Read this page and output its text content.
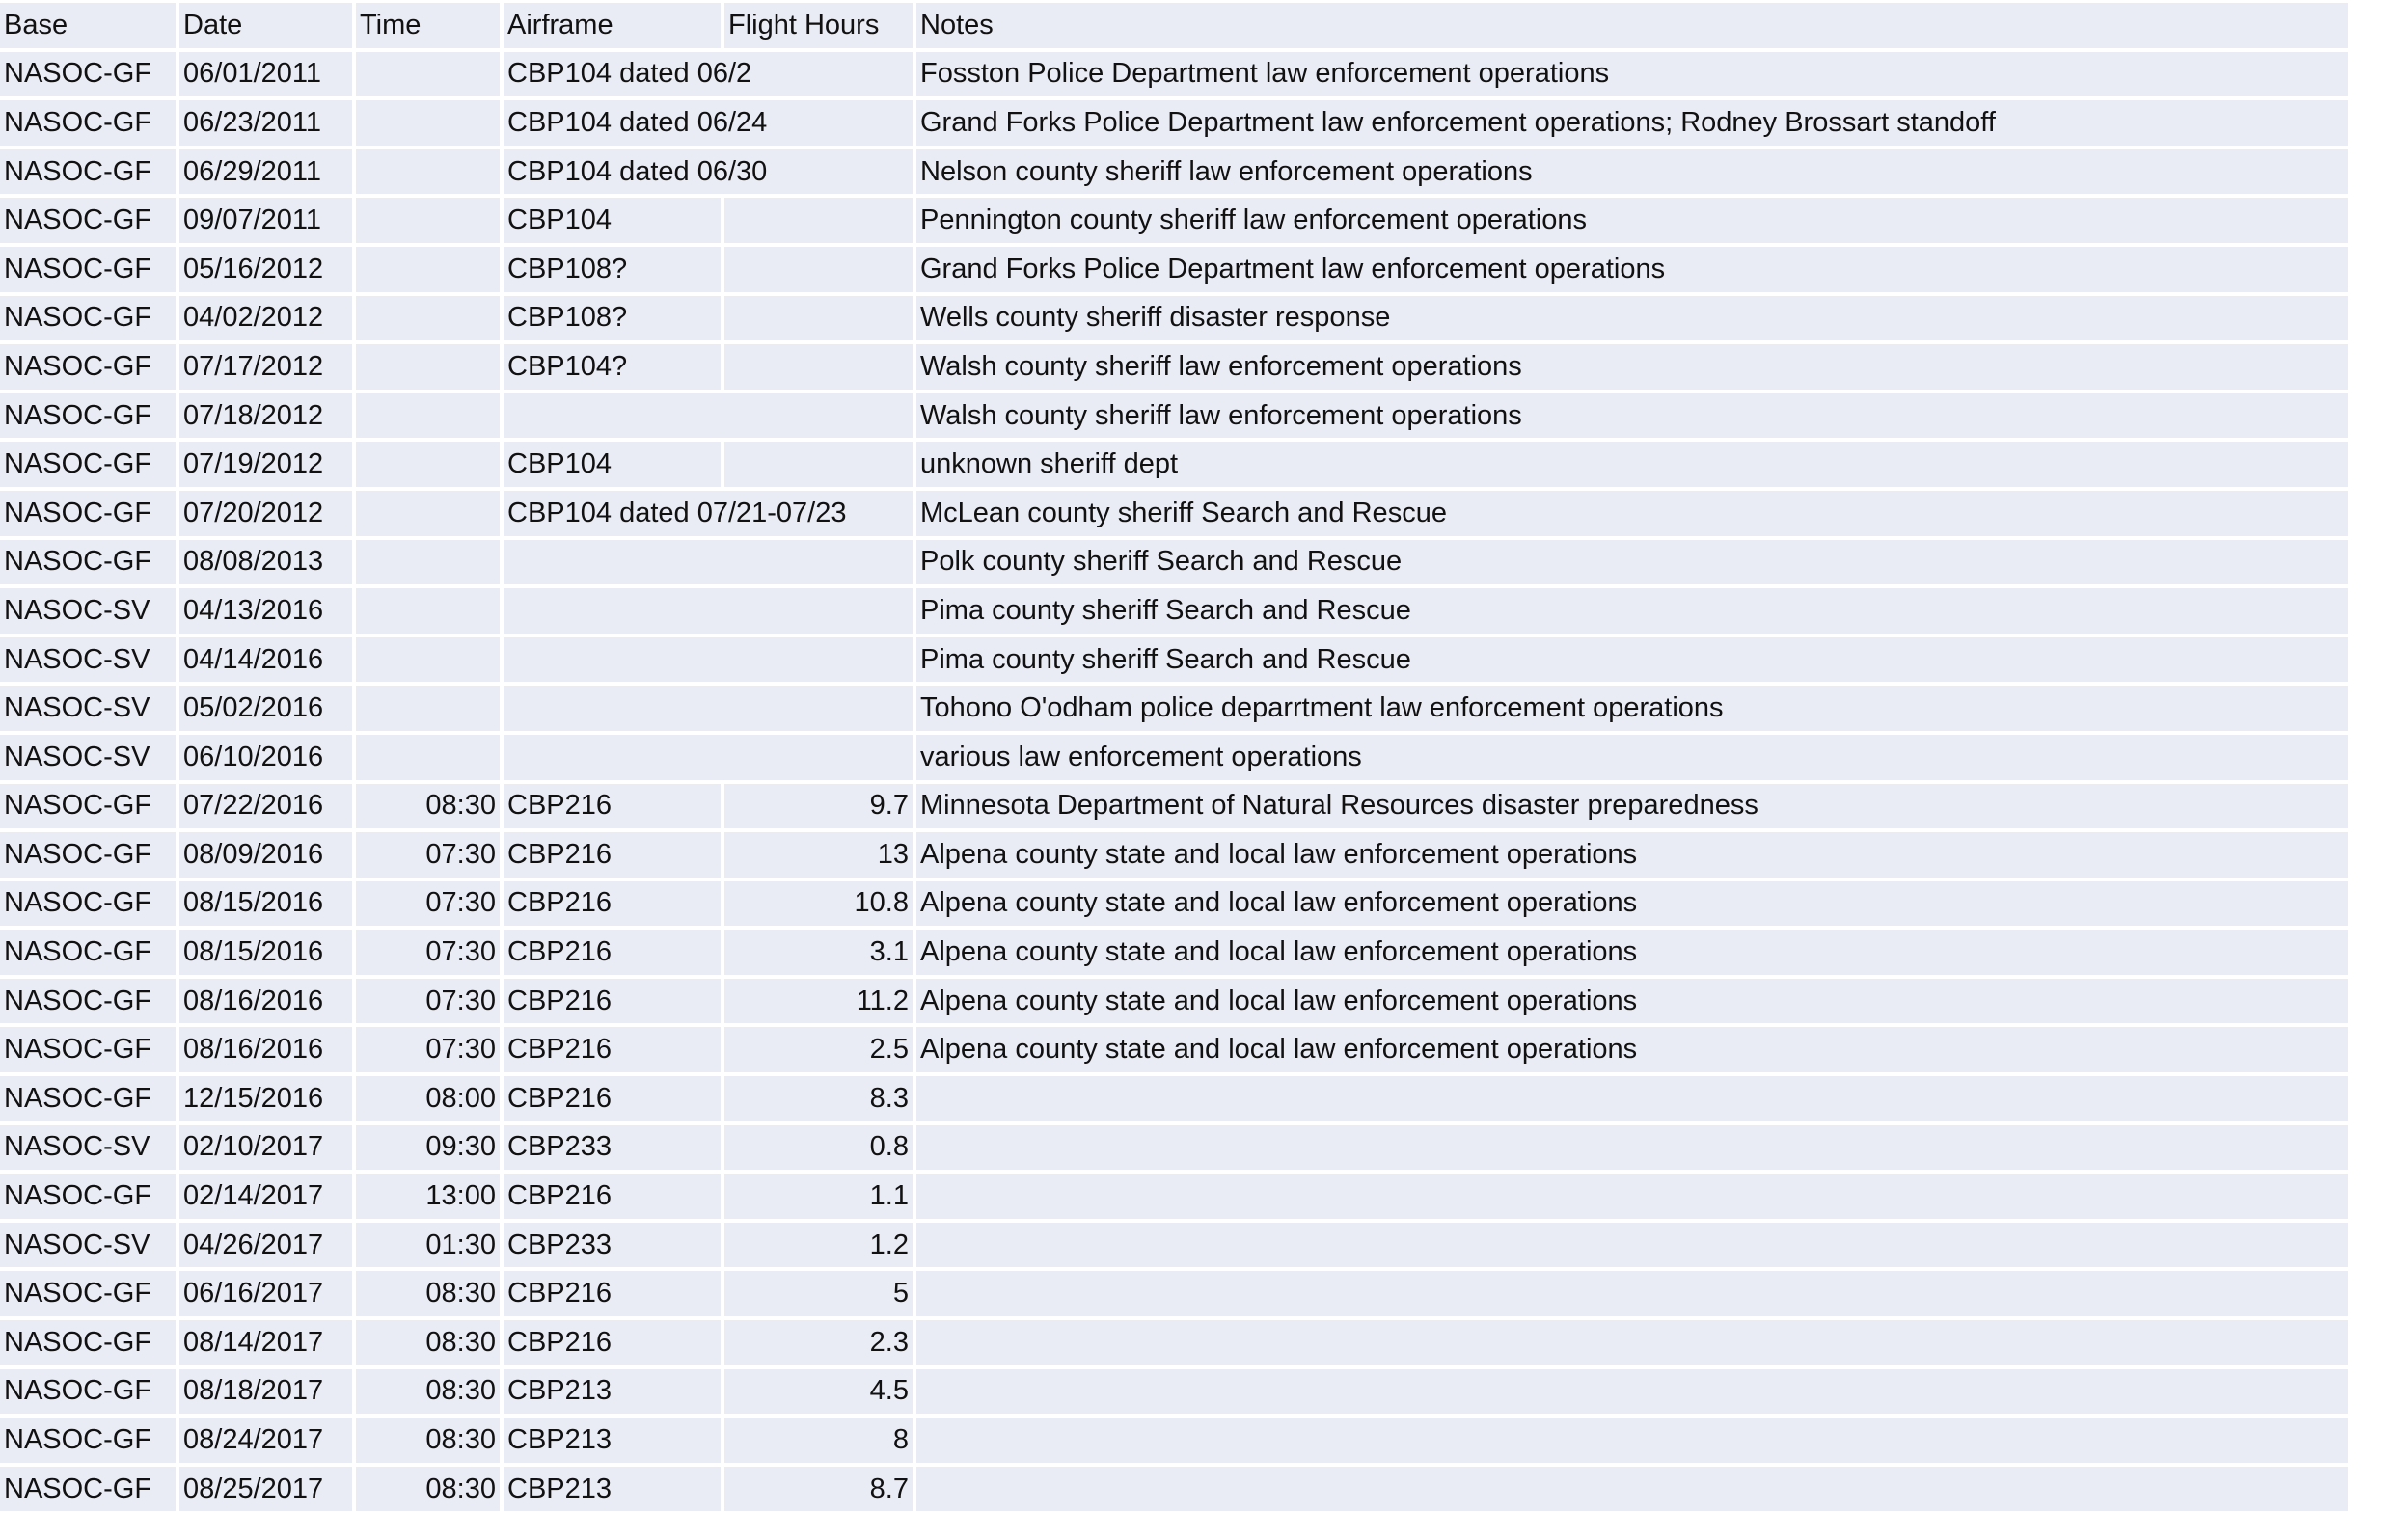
Base	Date	Time	Airframe	Flight Hours	Notes
NASOC-GF	06/01/2011		CBP104 dated 06/2		Fosston Police Department law enforcement operations
NASOC-GF	06/23/2011		CBP104 dated 06/24		Grand Forks Police Department law enforcement operations; Rodney Brossart standoff
NASOC-GF	06/29/2011		CBP104 dated 06/30		Nelson county sheriff law enforcement operations
NASOC-GF	09/07/2011		CBP104		Pennington county sheriff law enforcement operations
NASOC-GF	05/16/2012		CBP108?		Grand Forks Police Department law enforcement operations
NASOC-GF	04/02/2012		CBP108?		Wells county sheriff disaster response
NASOC-GF	07/17/2012		CBP104?		Walsh county sheriff law enforcement operations
NASOC-GF	07/18/2012				Walsh county sheriff law enforcement operations
NASOC-GF	07/19/2012		CBP104		unknown sheriff dept
NASOC-GF	07/20/2012		CBP104 dated 07/21-07/23		McLean county sheriff Search and Rescue
NASOC-GF	08/08/2013				Polk county sheriff Search and Rescue
NASOC-SV	04/13/2016				Pima county sheriff Search and Rescue
NASOC-SV	04/14/2016				Pima county sheriff Search and Rescue
NASOC-SV	05/02/2016				Tohono O'odham police deparrtment law enforcement operations
NASOC-SV	06/10/2016				various law enforcement operations
NASOC-GF	07/22/2016	08:30	CBP216	9.7	Minnesota Department of Natural Resources disaster preparedness
NASOC-GF	08/09/2016	07:30	CBP216	13	Alpena county state and local law enforcement operations
NASOC-GF	08/15/2016	07:30	CBP216	10.8	Alpena county state and local law enforcement operations
NASOC-GF	08/15/2016	07:30	CBP216	3.1	Alpena county state and local law enforcement operations
NASOC-GF	08/16/2016	07:30	CBP216	11.2	Alpena county state and local law enforcement operations
NASOC-GF	08/16/2016	07:30	CBP216	2.5	Alpena county state and local law enforcement operations
NASOC-GF	12/15/2016	08:00	CBP216	8.3	
NASOC-SV	02/10/2017	09:30	CBP233	0.8	
NASOC-GF	02/14/2017	13:00	CBP216	1.1	
NASOC-SV	04/26/2017	01:30	CBP233	1.2	
NASOC-GF	06/16/2017	08:30	CBP216	5	
NASOC-GF	08/14/2017	08:30	CBP216	2.3	
NASOC-GF	08/18/2017	08:30	CBP213	4.5	
NASOC-GF	08/24/2017	08:30	CBP213	8	
NASOC-GF	08/25/2017	08:30	CBP213	8.7	
